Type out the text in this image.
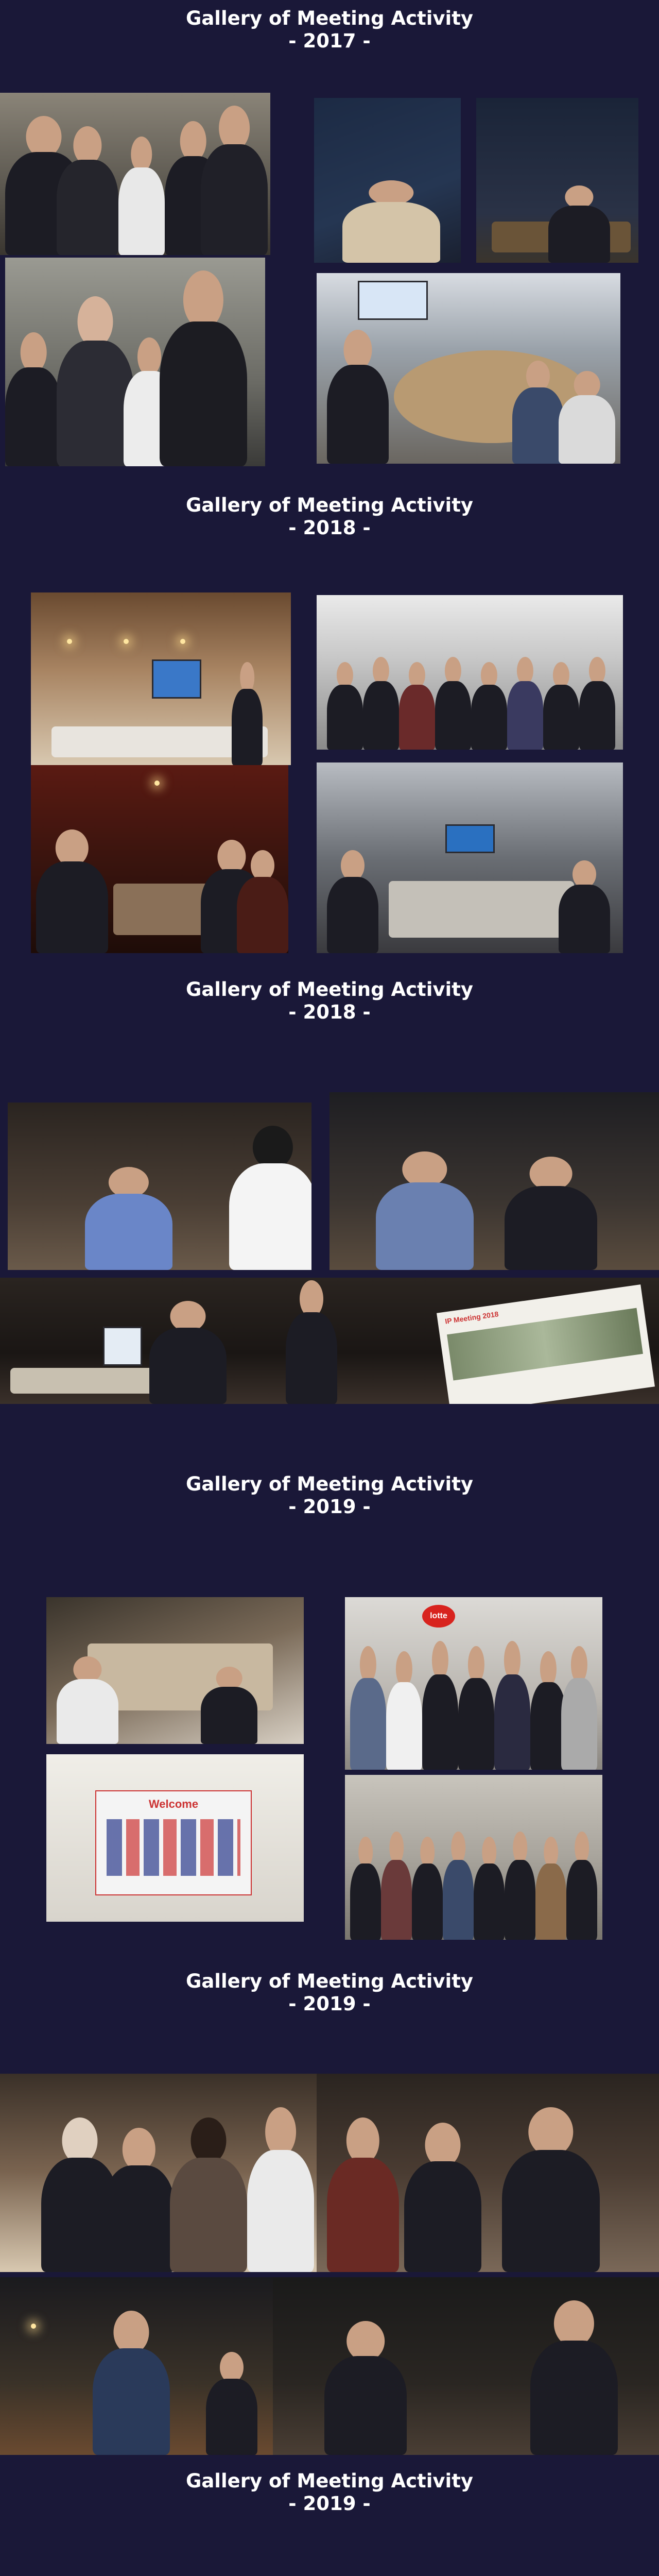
Gallery of Meeting Activity
- 2017 -
Gallery of Meeting Activity
- 2018 -
Gallery of Meeting Activity
- 2018 -
IP Meeting 2018
Gallery of Meeting Activity
- 2019 -
lotte
Welcome
Gallery of Meeting Activity
- 2019 -
Gallery of Meeting Activity
- 2019 -
